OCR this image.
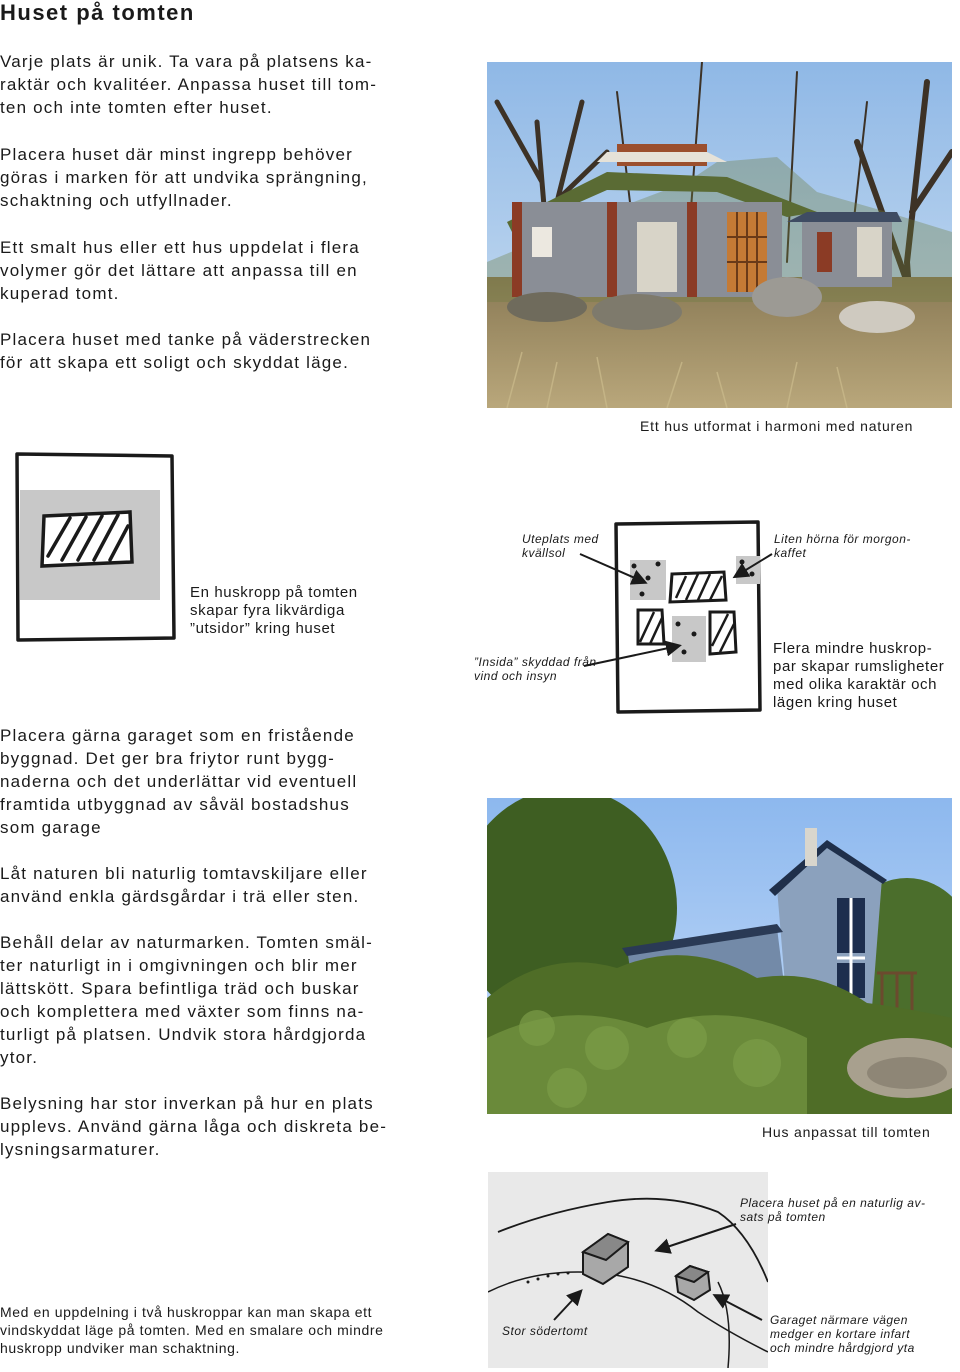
Huset på tomten

Varje plats är unik. Ta vara på platsens ka-
raktär och kvalitéer. Anpassa huset till tom-
ten och inte tomten efter huset.

Placera huset där minst ingrepp behöver
göras i marken för att undvika sprängning,
schaktning och utfyllnader.

Ett smalt hus eller ett hus uppdelat i flera
volymer gör det lättare att anpassa till en
kuperad tomt.

Placera huset med tanke på väderstrecken
för att skapa ett soligt och skyddat läge.

Ett hus utformat i harmoni med naturen
En huskropp på tomten
skapar fyra likvärdiga
”utsidor” kring huset
Uteplats med
kvällsol
Liten hörna för morgon-
kaffet
”Insida” skyddad från
vind och insyn
Flera mindre huskrop-
par skapar rumsligheter
med olika karaktär och
lägen kring huset

Placera gärna garaget som en fristående
byggnad. Det ger bra friytor runt bygg-
naderna och det underlättar vid eventuell
framtida utbyggnad av såväl bostadshus
som garage

Låt naturen bli naturlig tomtavskiljare eller
använd enkla gärdsgårdar i trä eller sten.

Behåll delar av naturmarken. Tomten smäl-
ter naturligt in i omgivningen och blir mer
lättskött. Spara befintliga träd och buskar
och komplettera med växter som finns na-
turligt på platsen. Undvik stora hårdgjorda
ytor.

Belysning har stor inverkan på hur en plats
upplevs. Använd gärna låga och diskreta be-
lysningsarmaturer.

Hus anpassat till tomten
Placera huset på en naturlig av-
sats på tomten
Stor södertomt
Garaget närmare vägen
medger en kortare infart
och mindre hårdgjord yta
Med en uppdelning i två huskroppar kan man skapa ett
vindskyddat läge på tomten. Med en smalare och mindre
huskropp undviker man schaktning.
